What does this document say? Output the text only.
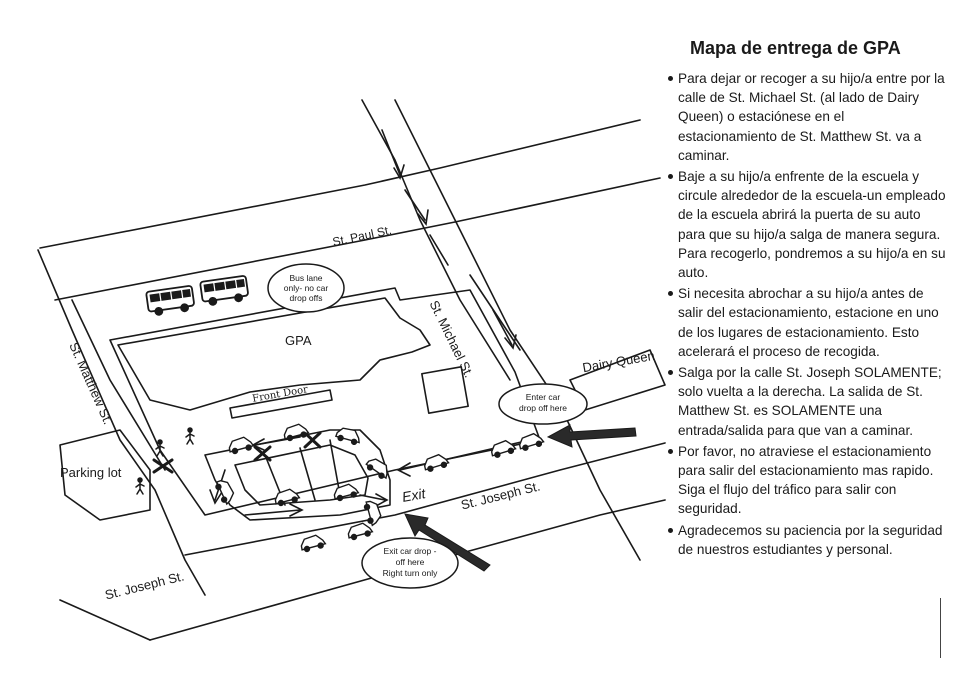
St. Paul St.
St. Michael St.
St. Matthew St.
St. Joseph St.
St. Joseph St.
GPA
Dairy Queen
Parking lot
Front Door
Exit
Bus lane
only- no car
drop offs
Enter car
drop off here
Exit car drop -
off here
Right turn only
Mapa de entrega de GPA
Para dejar or recoger a su hijo/a entre por la calle de St. Michael St. (al lado de Dairy Queen) o estaciónese en el estacionamiento de St. Matthew St. va a caminar.
Baje a su hijo/a enfrente de la escuela y circule alrededor de la escuela-un empleado de la escuela abrirá la puerta de su auto para que su hijo/a salga de manera segura. Para recogerlo, pondremos a su hijo/a en su auto.
Si necesita abrochar a su hijo/a antes de salir del estacionamiento, estacione en uno de los lugares de estacionamiento. Esto acelerará el proceso de recogida.
Salga por la calle St. Joseph SOLAMENTE; solo vuelta a la derecha. La salida de St. Matthew St. es SOLAMENTE una entrada/salida para que van a caminar.
Por favor, no atraviese el estacionamiento para salir del estacionamiento mas rapido. Siga el flujo del tráfico para salir con seguridad.
Agradecemos su paciencia por la seguridad de nuestros estudiantes y personal.
